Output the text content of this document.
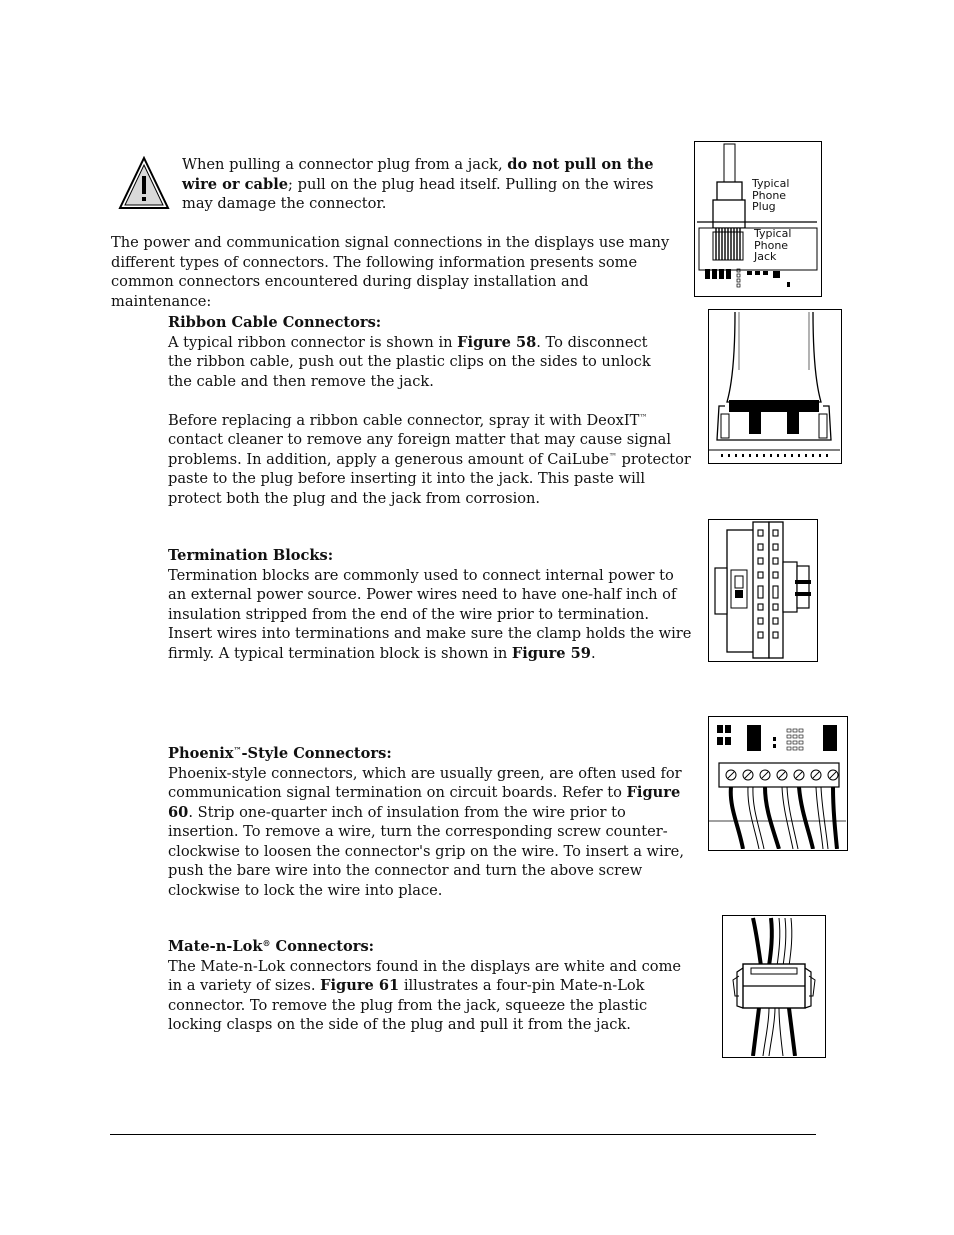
When pulling a connector plug from a jack, do not pull on the wire or cable; pull on the plug head itself. Pulling on the wires may damage the connector.

The power and communication signal connections in the displays use many different types of connectors. The following information presents some common connectors encountered during display installation and maintenance:

Typical Phone Plug
Typical Phone Jack

Ribbon Cable Connectors:

A typical ribbon connector is shown in Figure 58. To disconnect the ribbon cable, push out the plastic clips on the sides to unlock the cable and then remove the jack.

Before replacing a ribbon cable connector, spray it with DeoxIT™ contact cleaner to remove any foreign matter that may cause signal problems. In addition, apply a generous amount of CaiLube™ protector paste to the plug before inserting it into the jack. This paste will protect both the plug and the jack from corrosion.

Termination Blocks:

Termination blocks are commonly used to connect internal power to an external power source. Power wires need to have one-half inch of insulation stripped from the end of the wire prior to termination. Insert wires into terminations and make sure the clamp holds the wire firmly. A typical termination block is shown in Figure 59.

Phoenix™-Style Connectors:

Phoenix-style connectors, which are usually green, are often used for communication signal termination on circuit boards. Refer to Figure 60. Strip one-quarter inch of insulation from the wire prior to insertion. To remove a wire, turn the corresponding screw counter-clockwise to loosen the connector's grip on the wire. To insert a wire, push the bare wire into the connector and turn the above screw clockwise to lock the wire into place.

Mate-n-Lok® Connectors:

The Mate-n-Lok connectors found in the displays are white and come in a variety of sizes. Figure 61 illustrates a four-pin Mate-n-Lok connector. To remove the plug from the jack, squeeze the plastic locking clasps on the side of the plug and pull it from the jack.
